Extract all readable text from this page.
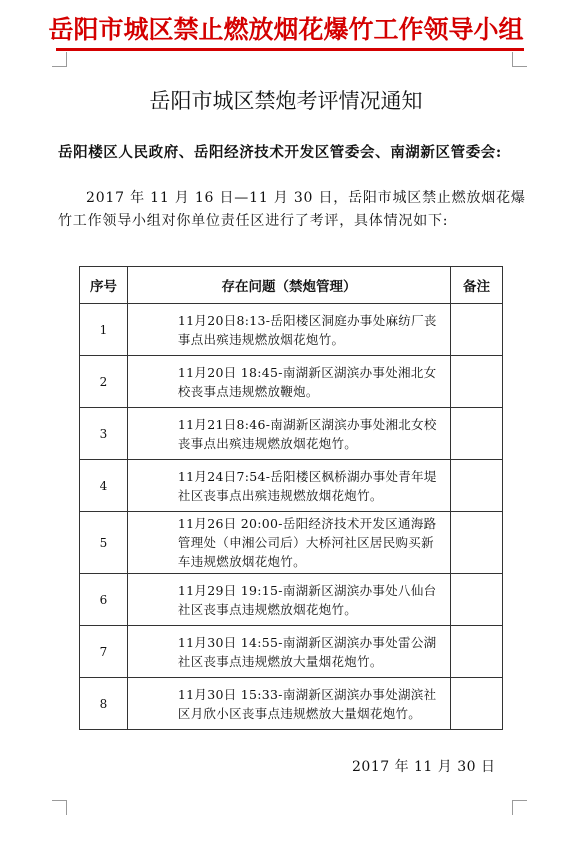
岳阳市城区禁止燃放烟花爆竹工作领导小组
岳阳市城区禁炮考评情况通知
岳阳楼区人民政府、岳阳经济技术开发区管委会、南湖新区管委会:
2017 年 11 月 16 日—11 月 30 日，岳阳市城区禁止燃放烟花爆竹工作领导小组对你单位责任区进行了考评，具体情况如下:
序号	存在问题（禁炮管理）	备注
1	11月20日8:13-岳阳楼区洞庭办事处麻纺厂丧事点出殡违规燃放烟花炮竹。	
2	11月20日 18:45-南湖新区湖滨办事处湘北女校丧事点违规燃放鞭炮。	
3	11月21日8:46-南湖新区湖滨办事处湘北女校丧事点出殡违规燃放烟花炮竹。	
4	11月24日7:54-岳阳楼区枫桥湖办事处青年堤社区丧事点出殡违规燃放烟花炮竹。	
5	11月26日 20:00-岳阳经济技术开发区通海路管理处（申湘公司后）大桥河社区居民购买新车违规燃放烟花炮竹。	
6	11月29日 19:15-南湖新区湖滨办事处八仙台社区丧事点违规燃放烟花炮竹。	
7	11月30日 14:55-南湖新区湖滨办事处雷公湖社区丧事点违规燃放大量烟花炮竹。	
8	11月30日 15:33-南湖新区湖滨办事处湖滨社区月欣小区丧事点违规燃放大量烟花炮竹。	
2017 年 11 月 30 日
